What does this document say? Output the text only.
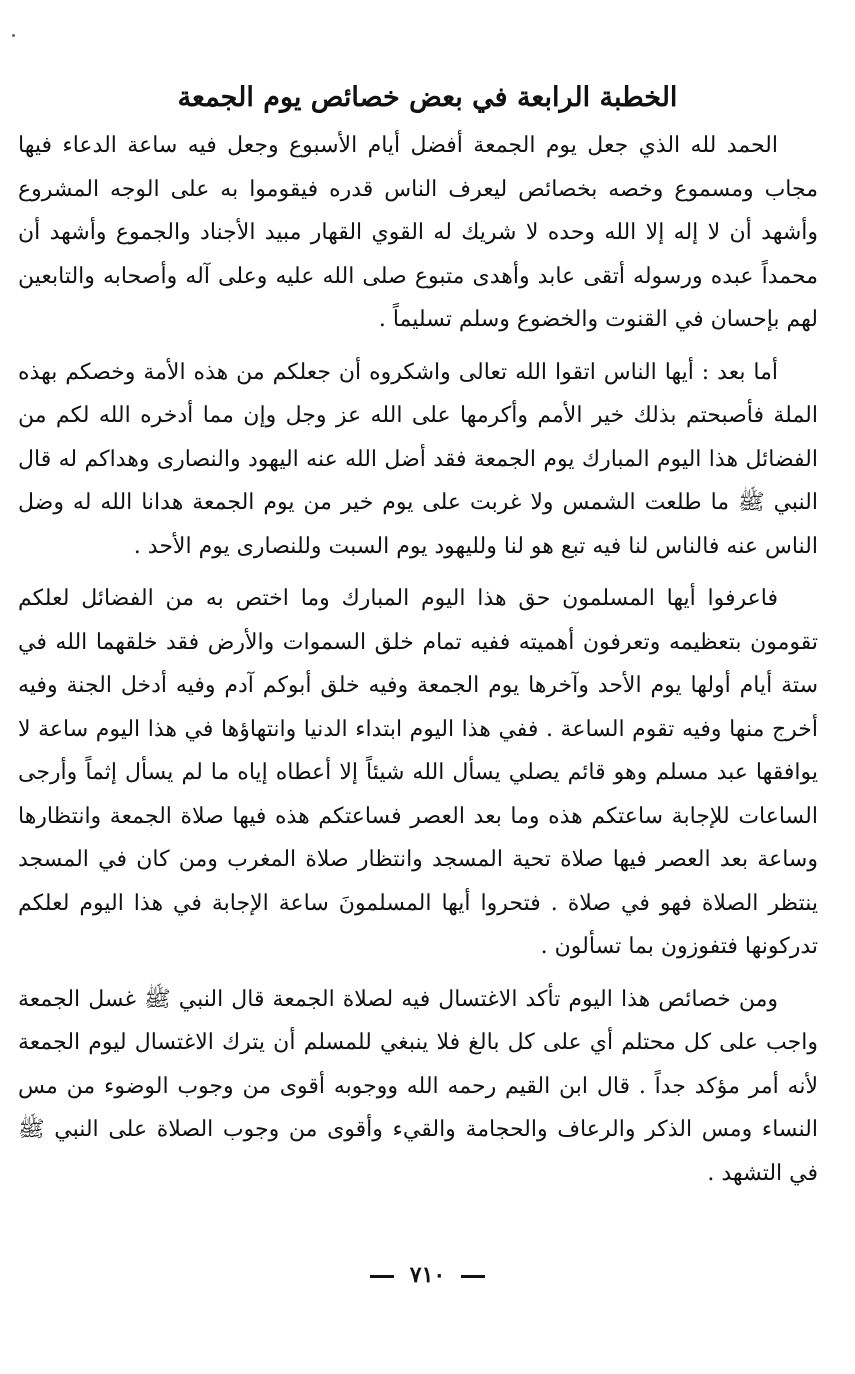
الخطبة الرابعة في بعض خصائص يوم الجمعة

الحمد لله الذي جعل يوم الجمعة أفضل أيام الأسبوع وجعل فيه ساعة الدعاء فيها مجاب ومسموع وخصه بخصائص ليعرف الناس قدره فيقوموا به على الوجه المشروع وأشهد أن لا إله إلا الله وحده لا شريك له القوي القهار مبيد الأجناد والجموع وأشهد أن محمداً عبده ورسوله أتقى عابد وأهدى متبوع صلى الله عليه وعلى آله وأصحابه والتابعين لهم بإحسان في القنوت والخضوع وسلم تسليماً .

أما بعد : أيها الناس اتقوا الله تعالى واشكروه أن جعلكم من هذه الأمة وخصكم بهذه الملة فأصبحتم بذلك خير الأمم وأكرمها على الله عز وجل وإن مما أدخره الله لكم من الفضائل هذا اليوم المبارك يوم الجمعة فقد أضل الله عنه اليهود والنصارى وهداكم له قال النبي ﷺ ما طلعت الشمس ولا غربت على يوم خير من يوم الجمعة هدانا الله له وضل الناس عنه فالناس لنا فيه تبع هو لنا ولليهود يوم السبت وللنصارى يوم الأحد .

فاعرفوا أيها المسلمون حق هذا اليوم المبارك وما اختص به من الفضائل لعلكم تقومون بتعظيمه وتعرفون أهميته ففيه تمام خلق السموات والأرض فقد خلقهما الله في ستة أيام أولها يوم الأحد وآخرها يوم الجمعة وفيه خلق أبوكم آدم وفيه أدخل الجنة وفيه أخرج منها وفيه تقوم الساعة . ففي هذا اليوم ابتداء الدنيا وانتهاؤها في هذا اليوم ساعة لا يوافقها عبد مسلم وهو قائم يصلي يسأل الله شيئاً إلا أعطاه إياه ما لم يسأل إثماً وأرجى الساعات للإجابة ساعتكم هذه وما بعد العصر فساعتكم هذه فيها صلاة الجمعة وانتظارها وساعة بعد العصر فيها صلاة تحية المسجد وانتظار صلاة المغرب ومن كان في المسجد ينتظر الصلاة فهو في صلاة . فتحروا أيها المسلمونَ ساعة الإجابة في هذا اليوم لعلكم تدركونها فتفوزون بما تسألون .

ومن خصائص هذا اليوم تأكد الاغتسال فيه لصلاة الجمعة قال النبي ﷺ غسل الجمعة واجب على كل محتلم أي على كل بالغ فلا ينبغي للمسلم أن يترك الاغتسال ليوم الجمعة لأنه أمر مؤكد جداً . قال ابن القيم رحمه الله ووجوبه أقوى من وجوب الوضوء من مس النساء ومس الذكر والرعاف والحجامة والقيء وأقوى من وجوب الصلاة على النبي ﷺ في التشهد .

٧١٠
